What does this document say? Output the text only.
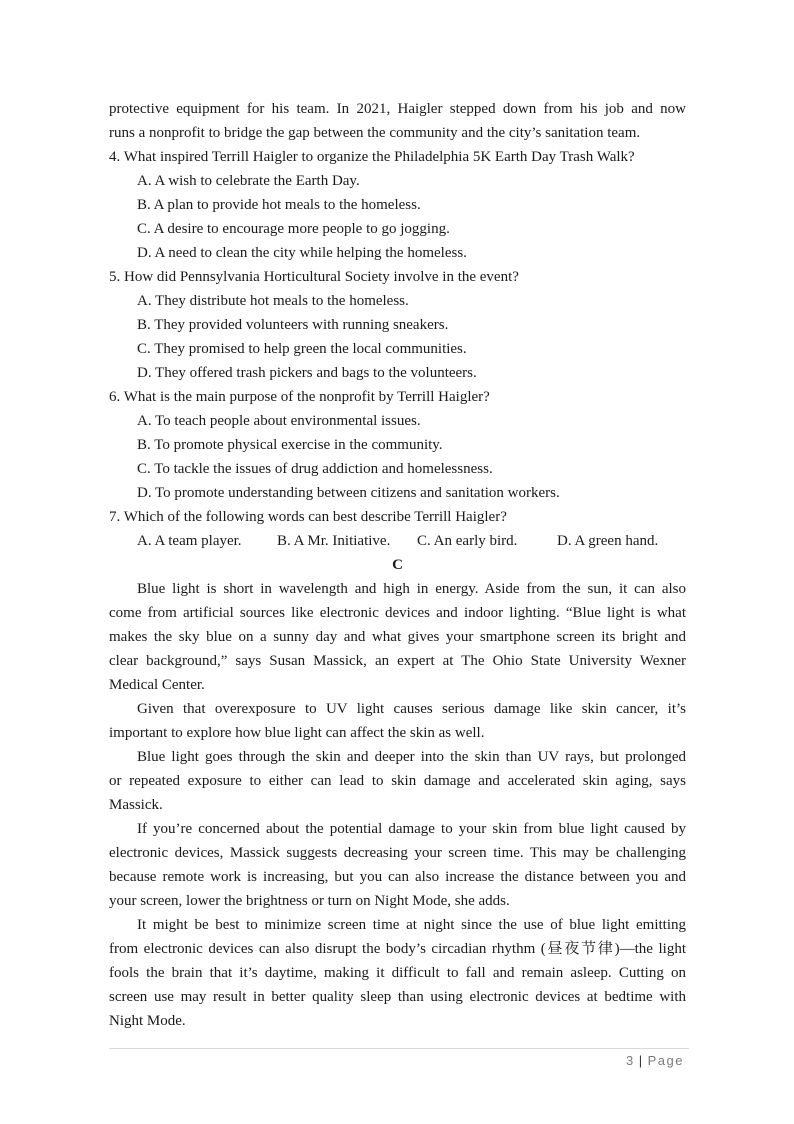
protective equipment for his team. In 2021, Haigler stepped down from his job and now
runs a nonprofit to bridge the gap between the community and the city’s sanitation team.
4. What inspired Terrill Haigler to organize the Philadelphia 5K Earth Day Trash Walk?
A. A wish to celebrate the Earth Day.
B. A plan to provide hot meals to the homeless.
C. A desire to encourage more people to go jogging.
D. A need to clean the city while helping the homeless.
5. How did Pennsylvania Horticultural Society involve in the event?
A. They distribute hot meals to the homeless.
B. They provided volunteers with running sneakers.
C. They promised to help green the local communities.
D. They offered trash pickers and bags to the volunteers.
6. What is the main purpose of the nonprofit by Terrill Haigler?
A. To teach people about environmental issues.
B. To promote physical exercise in the community.
C. To tackle the issues of drug addiction and homelessness.
D. To promote understanding between citizens and sanitation workers.
7. Which of the following words can best describe Terrill Haigler?
A. A team player.	B. A Mr. Initiative.	C. An early bird.	D. A green hand.
C
Blue light is short in wavelength and high in energy. Aside from the sun, it can also
come from artificial sources like electronic devices and indoor lighting. “Blue light is what
makes the sky blue on a sunny day and what gives your smartphone screen its bright and
clear background,” says Susan Massick, an expert at The Ohio State University Wexner
Medical Center.
Given that overexposure to UV light causes serious damage like skin cancer, it’s
important to explore how blue light can affect the skin as well.
Blue light goes through the skin and deeper into the skin than UV rays, but prolonged
or repeated exposure to either can lead to skin damage and accelerated skin aging, says
Massick.
If you’re concerned about the potential damage to your skin from blue light caused by
electronic devices, Massick suggests decreasing your screen time. This may be challenging
because remote work is increasing, but you can also increase the distance between you and
your screen, lower the brightness or turn on Night Mode, she adds.
It might be best to minimize screen time at night since the use of blue light emitting
from electronic devices can also disrupt the body’s circadian rhythm (昼夜节律)—the light
fools the brain that it’s daytime, making it difficult to fall and remain asleep. Cutting on
screen use may result in better quality sleep than using electronic devices at bedtime with
Night Mode.
3 | Page
